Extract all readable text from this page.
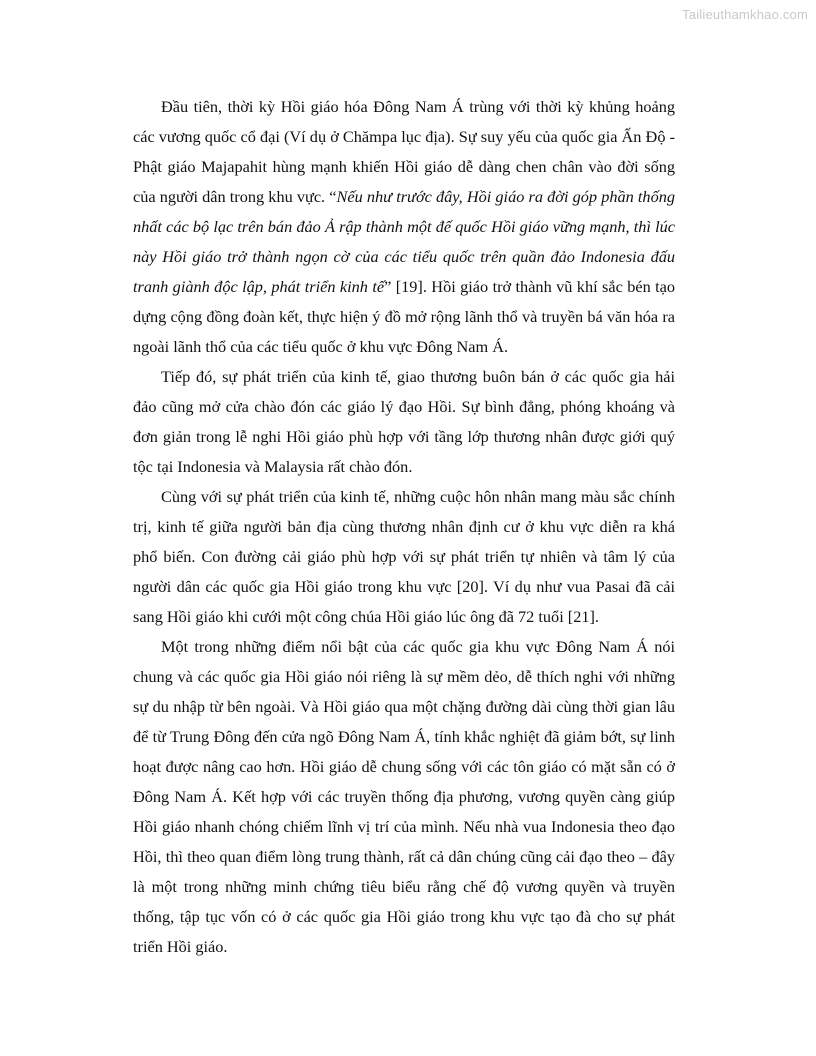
Tailieuthamkhao.com

Đầu tiên, thời kỳ Hồi giáo hóa Đông Nam Á trùng với thời kỳ khủng hoảng các vương quốc cổ đại (Ví dụ ở Chămpa lục địa). Sự suy yếu của quốc gia Ấn Độ - Phật giáo Majapahit hùng mạnh khiến Hồi giáo dễ dàng chen chân vào đời sống của người dân trong khu vực. “Nếu như trước đây, Hồi giáo ra đời góp phần thống nhất các bộ lạc trên bán đảo Ả rập thành một đế quốc Hồi giáo vững mạnh, thì lúc này Hồi giáo trở thành ngọn cờ của các tiểu quốc trên quần đảo Indonesia đấu tranh giành độc lập, phát triển kinh tế” [19]. Hồi giáo trở thành vũ khí sắc bén tạo dựng cộng đồng đoàn kết, thực hiện ý đồ mở rộng lãnh thổ và truyền bá văn hóa ra ngoài lãnh thổ của các tiểu quốc ở khu vực Đông Nam Á.

Tiếp đó, sự phát triển của kinh tế, giao thương buôn bán ở các quốc gia hải đảo cũng mở cửa chào đón các giáo lý đạo Hồi. Sự bình đẳng, phóng khoáng và đơn giản trong lễ nghi Hồi giáo phù hợp với tầng lớp thương nhân được giới quý tộc tại Indonesia và Malaysia rất chào đón.

Cùng với sự phát triển của kinh tế, những cuộc hôn nhân mang màu sắc chính trị, kinh tế giữa người bản địa cùng thương nhân định cư ở khu vực diễn ra khá phổ biến. Con đường cải giáo phù hợp với sự phát triển tự nhiên và tâm lý của người dân các quốc gia Hồi giáo trong khu vực [20]. Ví dụ như vua Pasai đã cải sang Hồi giáo khi cưới một công chúa Hồi giáo lúc ông đã 72 tuổi [21].

Một trong những điểm nổi bật của các quốc gia khu vực Đông Nam Á nói chung và các quốc gia Hồi giáo nói riêng là sự mềm dẻo, dễ thích nghi với những sự du nhập từ bên ngoài. Và Hồi giáo qua một chặng đường dài cùng thời gian lâu để từ Trung Đông đến cửa ngõ Đông Nam Á, tính khắc nghiệt đã giảm bớt, sự linh hoạt được nâng cao hơn. Hồi giáo dễ chung sống với các tôn giáo có mặt sẵn có ở Đông Nam Á. Kết hợp với các truyền thống địa phương, vương quyền càng giúp Hồi giáo nhanh chóng chiếm lĩnh vị trí của mình. Nếu nhà vua Indonesia theo đạo Hồi, thì theo quan điểm lòng trung thành, rất cả dân chúng cũng cải đạo theo – đây là một trong những minh chứng tiêu biểu rằng chế độ vương quyền và truyền thống, tập tục vốn có ở các quốc gia Hồi giáo trong khu vực tạo đà cho sự phát triển Hồi giáo.
